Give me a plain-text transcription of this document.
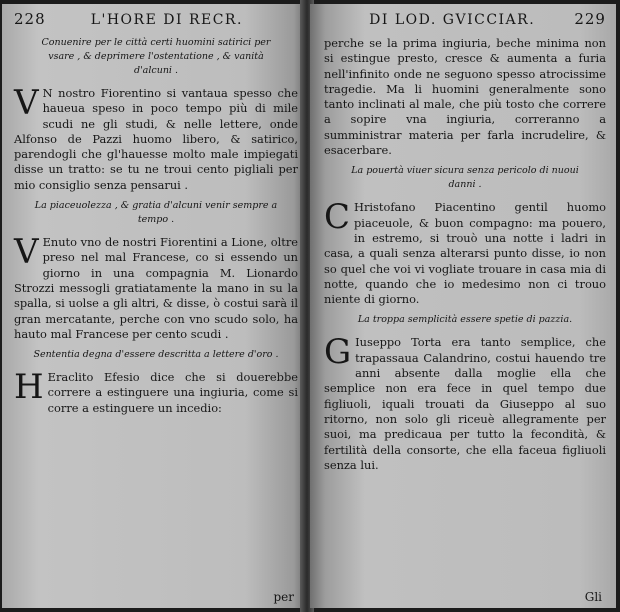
228	L'HORE DI RECR.
Conuenire per le città certi huomini satirici per vsare , & deprimere l'ostentatione , & vanità d'alcuni .
V N nostro Fiorentino si vantaua spesso che haueua speso in poco tempo più di mile scudi ne gli studi, & nelle lettere, onde Alfonso de Pazzi huomo libero, & satirico, parendogli che gl'hauesse molto male impiegati disse un tratto: se tu ne troui cento pigliali per mio consiglio senza pensarui .

La piaceuolezza , & gratia d'alcuni venir sempre a tempo .
V Enuto vno de nostri Fiorentini a Lione, oltre preso nel mal Francese, co si essendo un giorno in una compagnia M. Lionardo Strozzi messogli gratiatamente la mano in su la spalla, si uolse a gli altri, & disse, ò costui sarà il gran mercatante, perche con vno scudo solo, ha hauto mal Francese per cento scudi .

Sententia degna d'essere descritta a lettere d'oro .
H Eraclito Efesio dice che si douerebbe correre a estinguere una ingiuria, come si corre a estinguere un incedio:

per
DI LOD. GVICCIAR.	229

perche se la prima ingiuria, beche minima non si estingue presto, cresce & aumenta a furia nell'infinito onde ne seguono spesso atrocissime tragedie. Ma li huomini generalmente sono tanto inclinati al male, che più tosto che correre a sopire vna ingiuria, correranno a sumministrar materia per farla incrudelire, & esacerbare.

La pouertà viuer sicura senza pericolo di nuoui danni .
C Hristofano Piacentino gentil huomo piaceuole, & buon compagno: ma pouero, in estremo, si trouò una notte i ladri in casa, a quali senza alterarsi punto disse, io non so quel che voi vi vogliate trouare in casa mia di notte, quando che io medesimo non ci trouo niente di giorno.

La troppa semplicità essere spetie di pazzia.
G Iuseppo Torta era tanto semplice, che trapassaua Calandrino, costui hauendo tre anni absente dalla moglie ella che semplice non era fece in quel tempo due figliuoli, iquali trouati da Giuseppo al suo ritorno, non solo gli riceuè allegramente per suoi, ma predicaua per tutto la fecondità, & fertilità della consorte, che ella faceua figliuoli senza lui.

Gli
